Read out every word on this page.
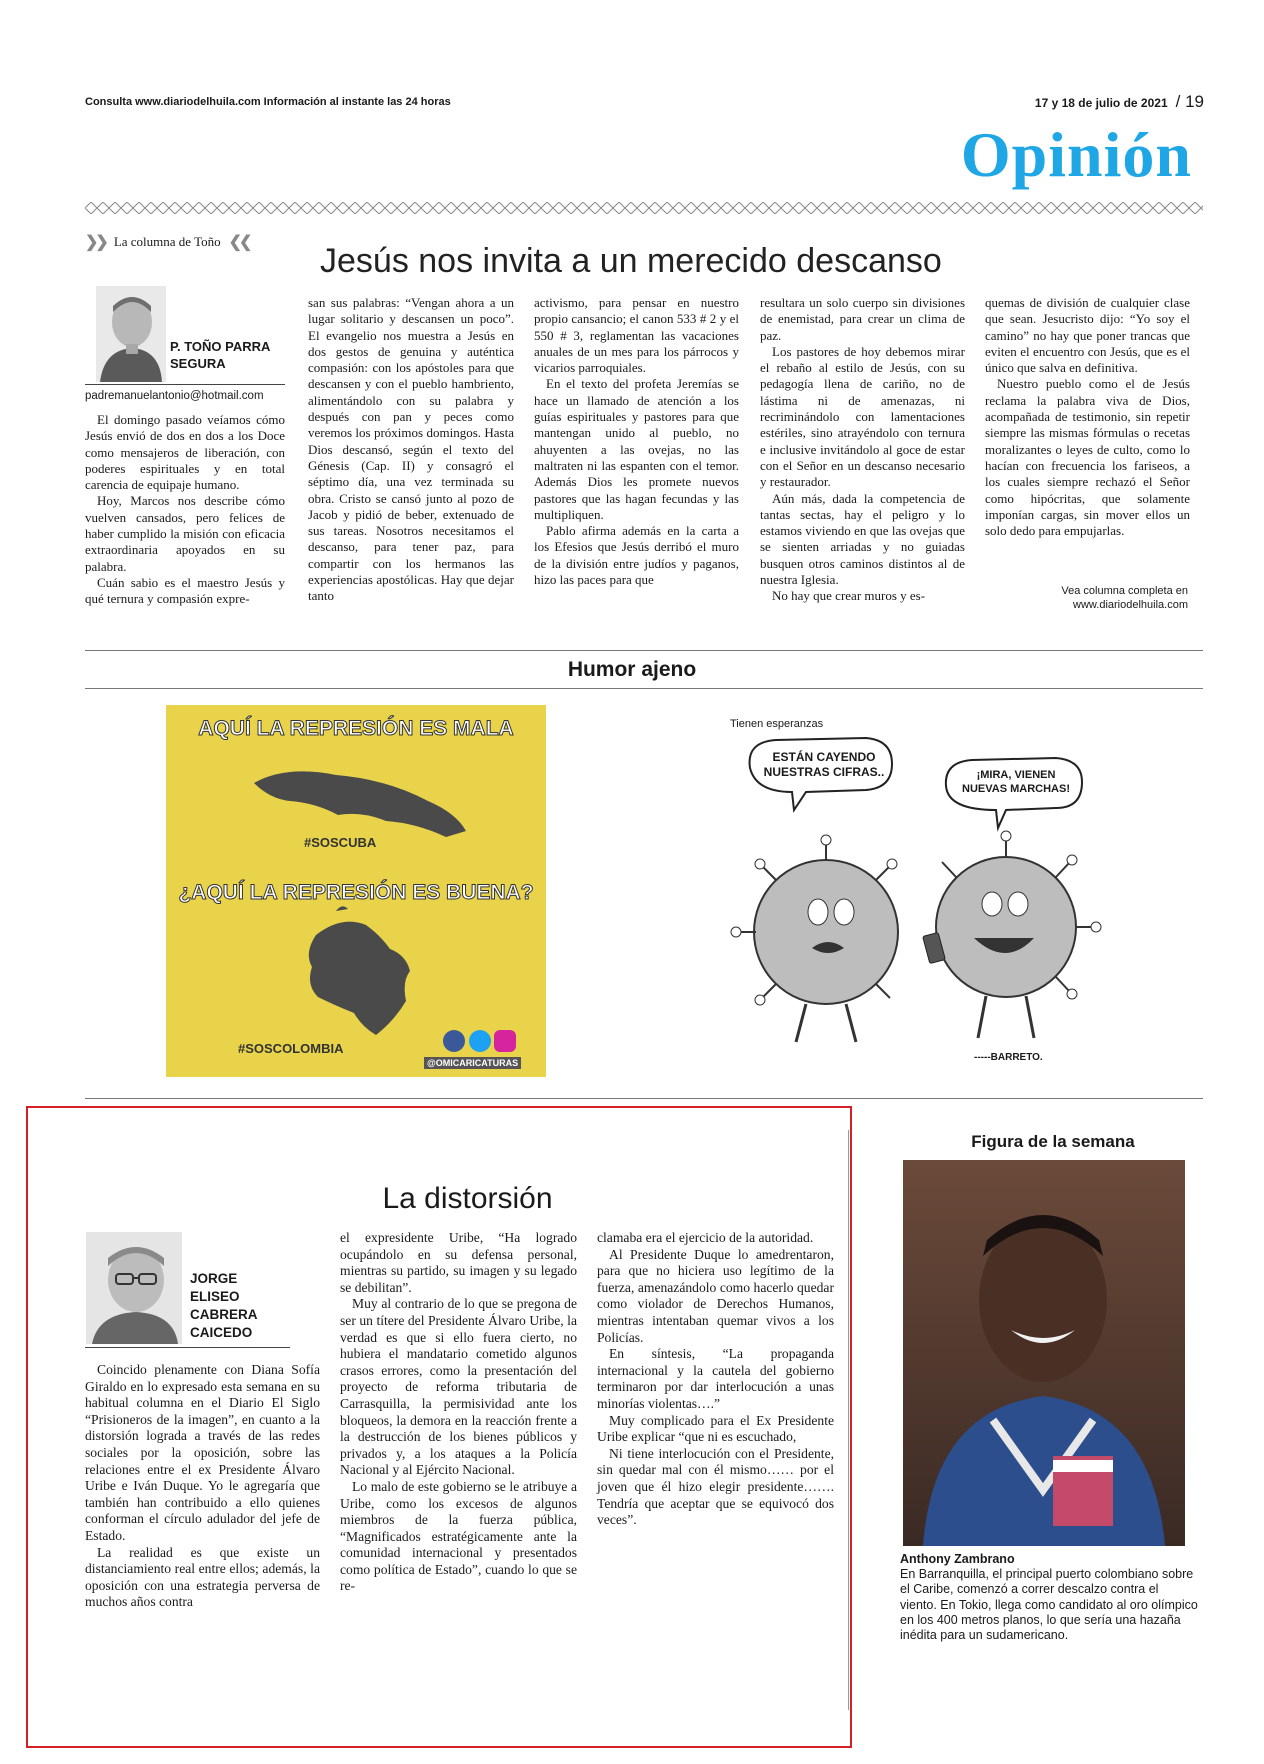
Consulta www.diariodelhuila.com Información al instante las 24 horas	17 y 18 de julio de 2021 / 19
Opinión
❯❯ La columna de Toño ❮❮ Jesús nos invita a un merecido descanso
P. TOÑO PARRA
SEGURA
padremanuelantonio@hotmail.com

El domingo pasado veíamos cómo Jesús envió de dos en dos a los Doce como mensajeros de liberación, con poderes espirituales y en total carencia de equipaje humano.

Hoy, Marcos nos describe cómo vuelven cansados, pero felices de haber cumplido la misión con eficacia extraordinaria apoyados en su palabra.

Cuán sabio es el maestro Jesús y qué ternura y compasión expre-

san sus palabras: “Vengan ahora a un lugar solitario y descansen un poco”. El evangelio nos muestra a Jesús en dos gestos de genuina y auténtica compasión: con los apóstoles para que descansen y con el pueblo hambriento, alimentándolo con su palabra y después con pan y peces como veremos los próximos domingos. Hasta Dios descansó, según el texto del Génesis (Cap. II) y consagró el séptimo día, una vez terminada su obra. Cristo se cansó junto al pozo de Jacob y pidió de beber, extenuado de sus tareas. Nosotros necesitamos el descanso, para tener paz, para compartir con los hermanos las experiencias apostólicas. Hay que dejar tanto

activismo, para pensar en nuestro propio cansancio; el canon 533 # 2 y el 550 # 3, reglamentan las vacaciones anuales de un mes para los párrocos y vicarios parroquiales.

En el texto del profeta Jeremías se hace un llamado de atención a los guías espirituales y pastores para que mantengan unido al pueblo, no ahuyenten a las ovejas, no las maltraten ni las espanten con el temor. Además Dios les promete nuevos pastores que las hagan fecundas y las multipliquen.

Pablo afirma además en la carta a los Efesios que Jesús derribó el muro de la división entre judíos y paganos, hizo las paces para que

resultara un solo cuerpo sin divisiones de enemistad, para crear un clima de paz.

Los pastores de hoy debemos mirar el rebaño al estilo de Jesús, con su pedagogía llena de cariño, no de lástima ni de amenazas, ni recriminándolo con lamentaciones estériles, sino atrayéndolo con ternura e inclusive invitándolo al goce de estar con el Señor en un descanso necesario y restaurador.

Aún más, dada la competencia de tantas sectas, hay el peligro y lo estamos viviendo en que las ovejas que se sienten arriadas y no guiadas busquen otros caminos distintos al de nuestra Iglesia.

No hay que crear muros y es-

quemas de división de cualquier clase que sean. Jesucristo dijo: “Yo soy el camino” no hay que poner trancas que eviten el encuentro con Jesús, que es el único que salva en definitiva.

Nuestro pueblo como el de Jesús reclama la palabra viva de Dios, acompañada de testimonio, sin repetir siempre las mismas fórmulas o recetas moralizantes o leyes de culto, como lo hacían con frecuencia los fariseos, a los cuales siempre rechazó el Señor como hipócritas, que solamente imponían cargas, sin mover ellos un solo dedo para empujarlas.

Vea columna completa en
www.diariodelhuila.com
Humor ajeno
AQUÍ LA REPRESIÓN ES MALA
#SOSCUBA
¿AQUÍ LA REPRESIÓN ES BUENA?
#SOSCOLOMBIA
@OMICARICATURAS
Tienen esperanzas
ESTÁN CAYENDO
NUESTRAS CIFRAS..	¡MIRA, VIENEN
NUEVAS MARCHAS!
-----BARRETO.
La distorsión
JORGE
ELISEO
CABRERA
CAICEDO

Coincido plenamente con Diana Sofía Giraldo en lo expresado esta semana en su habitual columna en el Diario El Siglo “Prisioneros de la imagen”, en cuanto a la distorsión lograda a través de las redes sociales por la oposición, sobre las relaciones entre el ex Presidente Álvaro Uribe e Iván Duque. Yo le agregaría que también han contribuido a ello quienes conforman el círculo adulador del jefe de Estado.

La realidad es que existe un distanciamiento real entre ellos; además, la oposición con una estrategia perversa de muchos años contra

el expresidente Uribe, “Ha logrado ocupándolo en su defensa personal, mientras su partido, su imagen y su legado se debilitan”.

Muy al contrario de lo que se pregona de ser un títere del Presidente Álvaro Uribe, la verdad es que si ello fuera cierto, no hubiera el mandatario cometido algunos crasos errores, como la presentación del proyecto de reforma tributaria de Carrasquilla, la permisividad ante los bloqueos, la demora en la reacción frente a la destrucción de los bienes públicos y privados y, a los ataques a la Policía Nacional y al Ejército Nacional.

Lo malo de este gobierno se le atribuye a Uribe, como los excesos de algunos miembros de la fuerza pública, “Magnificados estratégicamente ante la comunidad internacional y presentados como política de Estado”, cuando lo que se re-

clamaba era el ejercicio de la autoridad.

Al Presidente Duque lo amedrentaron, para que no hiciera uso legítimo de la fuerza, amenazándolo como hacerlo quedar como violador de Derechos Humanos, mientras intentaban quemar vivos a los Policías.

En síntesis, “La propaganda internacional y la cautela del gobierno terminaron por dar interlocución a unas minorías violentas….”

Muy complicado para el Ex Presidente Uribe explicar “que ni es escuchado,

Ni tiene interlocución con el Presidente, sin quedar mal con él mismo…… por el joven que él hizo elegir presidente……. Tendría que aceptar que se equivocó dos veces”.

Figura de la semana
Anthony Zambrano
En Barranquilla, el principal puerto colombiano sobre el Caribe, comenzó a correr descalzo contra el viento. En Tokio, llega como candidato al oro olímpico en los 400 metros planos, lo que sería una hazaña inédita para un sudamericano.
